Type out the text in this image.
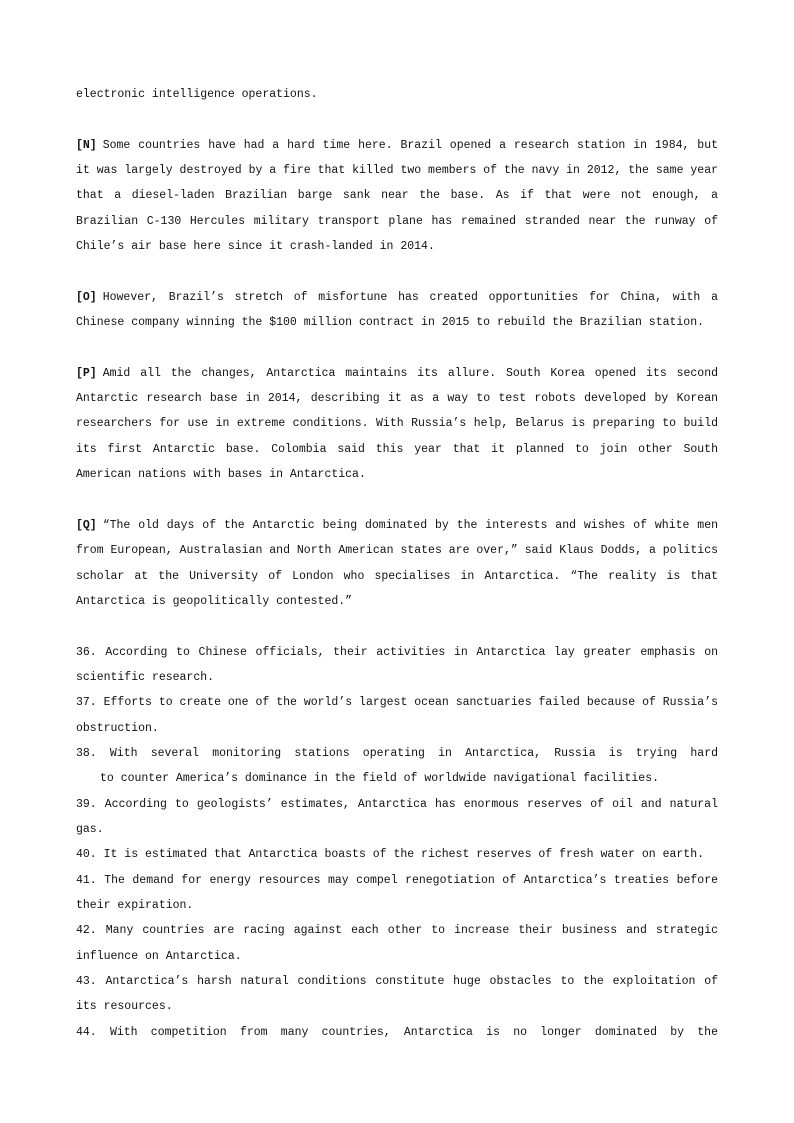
electronic intelligence operations.

[N] Some countries have had a hard time here. Brazil opened a research station in 1984, but it was largely destroyed by a fire that killed two members of the navy in 2012, the same year that a diesel-laden Brazilian barge sank near the base. As if that were not enough, a Brazilian C-130 Hercules military transport plane has remained stranded near the runway of Chile’s air base here since it crash-landed in 2014.

[O] However, Brazil’s stretch of misfortune has created opportunities for China, with a Chinese company winning the $100 million contract in 2015 to rebuild the Brazilian station.

[P] Amid all the changes, Antarctica maintains its allure. South Korea opened its second Antarctic research base in 2014, describing it as a way to test robots developed by Korean researchers for use in extreme conditions. With Russia’s help, Belarus is preparing to build its first Antarctic base. Colombia said this year that it planned to join other South American nations with bases in Antarctica.

[Q] “The old days of the Antarctic being dominated by the interests and wishes of white men from European, Australasian and North American states are over,” said Klaus Dodds, a politics scholar at the University of London who specialises in Antarctica. “The reality is that Antarctica is geopolitically contested.”

36. According to Chinese officials, their activities in Antarctica lay greater emphasis on scientific research.

37. Efforts to create one of the world’s largest ocean sanctuaries failed because of Russia’s obstruction.

38. With several monitoring stations operating in Antarctica, Russia is trying hard

to counter America’s dominance in the field of worldwide navigational facilities.

39. According to geologists’ estimates, Antarctica has enormous reserves of oil and natural gas.

40. It is estimated that Antarctica boasts of the richest reserves of fresh water on earth.

41. The demand for energy resources may compel renegotiation of Antarctica’s treaties before their expiration.

42. Many countries are racing against each other to increase their business and strategic influence on Antarctica.

43. Antarctica’s harsh natural conditions constitute huge obstacles to the exploitation of its resources.

44. With competition from many countries, Antarctica is no longer dominated by the
